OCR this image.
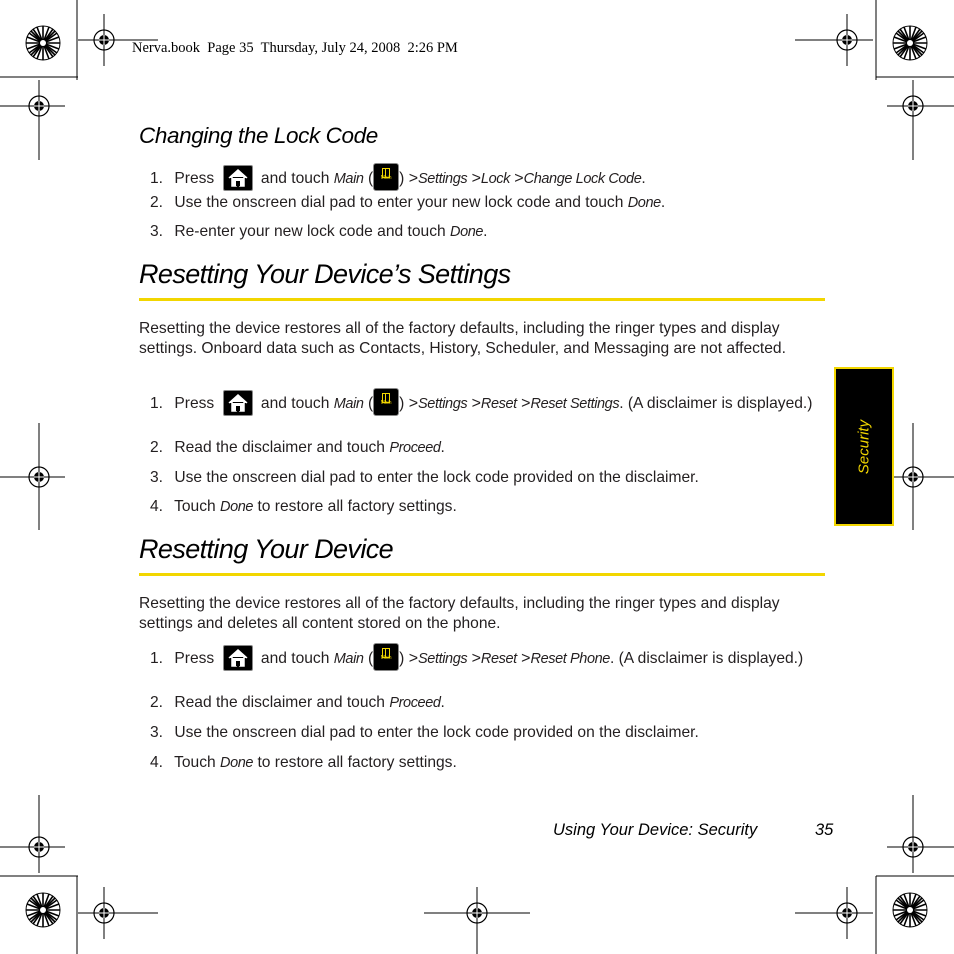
Nerva.book  Page 35  Thursday, July 24, 2008  2:26 PM
Changing the Lock Code
1. Press	and touch Main (	Main ) >Settings >Lock >Change Lock Code.
2. Use the onscreen dial pad to enter your new lock code and touch Done.
3. Re-enter your new lock code and touch Done.
Resetting Your Device’s Settings
Resetting the device restores all of the factory defaults, including the ringer types and display settings. Onboard data such as Contacts, History, Scheduler, and Messaging are not affected.
1. Press	and touch Main (	Main ) >Settings >Reset >Reset Settings. (A disclaimer is displayed.)
2. Read the disclaimer and touch Proceed.
3. Use the onscreen dial pad to enter the lock code provided on the disclaimer.
4. Touch Done to restore all factory settings.
Resetting Your Device
Resetting the device restores all of the factory defaults, including the ringer types and display settings and deletes all content stored on the phone.
1. Press	and touch Main (	Main ) >Settings >Reset >Reset Phone. (A disclaimer is displayed.)
2. Read the disclaimer and touch Proceed.
3. Use the onscreen dial pad to enter the lock code provided on the disclaimer.
4. Touch Done to restore all factory settings.
Security
Using Your Device: Security	35
